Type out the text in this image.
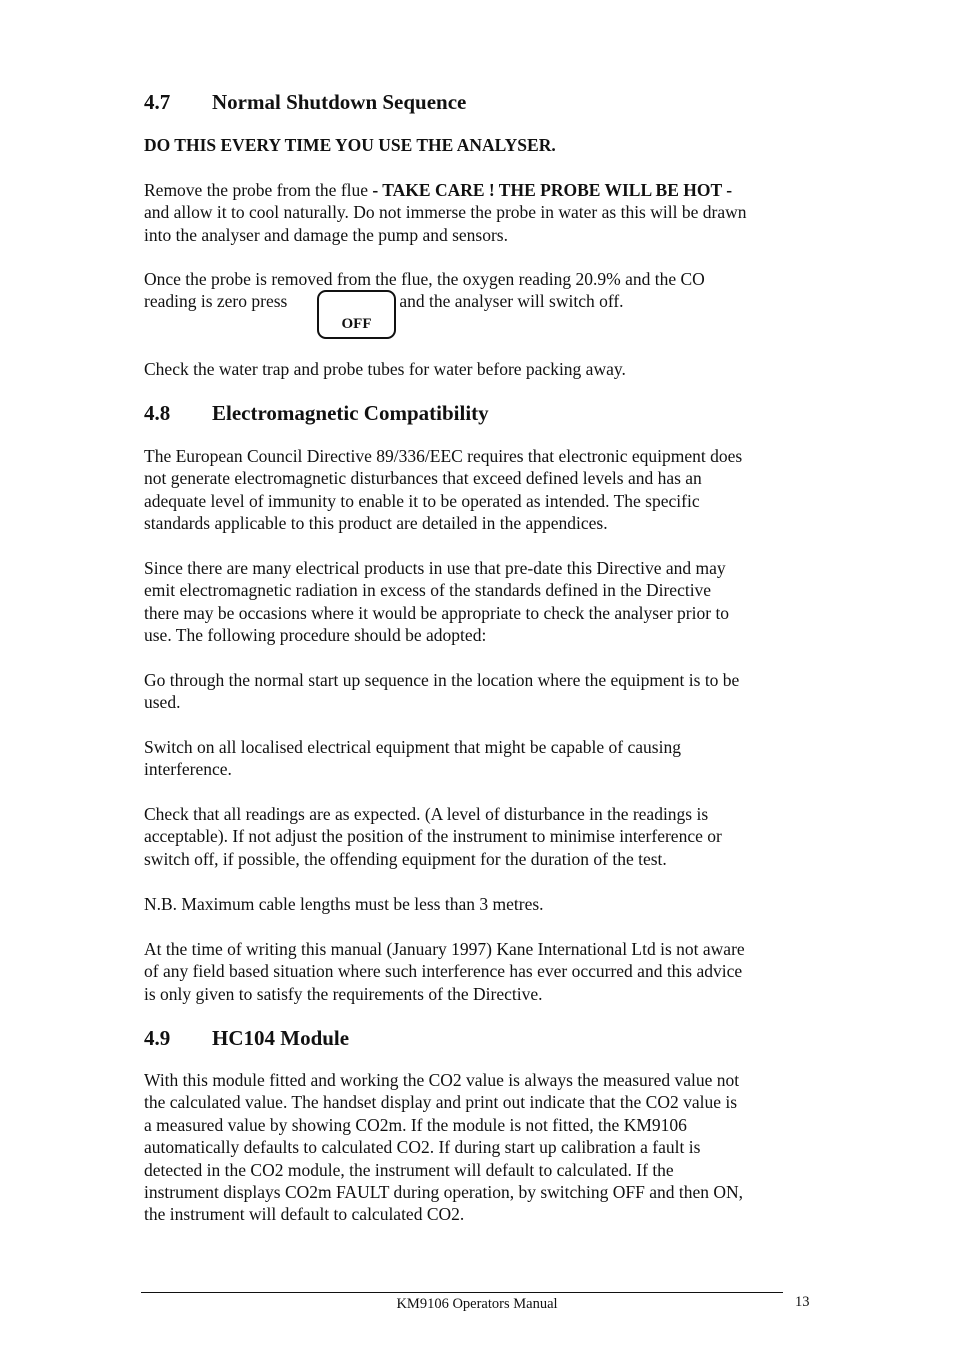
4.7 Normal Shutdown Sequence

DO THIS EVERY TIME YOU USE THE ANALYSER.

Remove the probe from the flue - TAKE CARE ! THE PROBE WILL BE HOT -
and allow it to cool naturally. Do not immerse the probe in water as this will be drawn
into the analyser and damage the pump and sensors.

Once the probe is removed from the flue, the oxygen reading 20.9% and the CO
reading is zero press	and the analyser will switch off.

OFF

Check the water trap and probe tubes for water before packing away.

4.8 Electromagnetic Compatibility

The European Council Directive 89/336/EEC requires that electronic equipment does
not generate electromagnetic disturbances that exceed defined levels and has an
adequate level of immunity to enable it to be operated as intended. The specific
standards applicable to this product are detailed in the appendices.

Since there are many electrical products in use that pre-date this Directive and may
emit electromagnetic radiation in excess of the standards defined in the Directive
there may be occasions where it would be appropriate to check the analyser prior to
use. The following procedure should be adopted:

Go through the normal start up sequence in the location where the equipment is to be
used.

Switch on all localised electrical equipment that might be capable of causing
interference.

Check that all readings are as expected. (A level of disturbance in the readings is
acceptable). If not adjust the position of the instrument to minimise interference or
switch off, if possible, the offending equipment for the duration of the test.

N.B. Maximum cable lengths must be less than 3 metres.

At the time of writing this manual (January 1997) Kane International Ltd is not aware
of any field based situation where such interference has ever occurred and this advice
is only given to satisfy the requirements of the Directive.

4.9 HC104 Module

With this module fitted and working the CO2 value is always the measured value not
the calculated value. The handset display and print out indicate that the CO2 value is
a measured value by showing CO2m. If the module is not fitted, the KM9106
automatically defaults to calculated CO2. If during start up calibration a fault is
detected in the CO2 module, the instrument will default to calculated. If the
instrument displays CO2m FAULT during operation, by switching OFF and then ON,
the instrument will default to calculated CO2.

KM9106 Operators Manual	13
